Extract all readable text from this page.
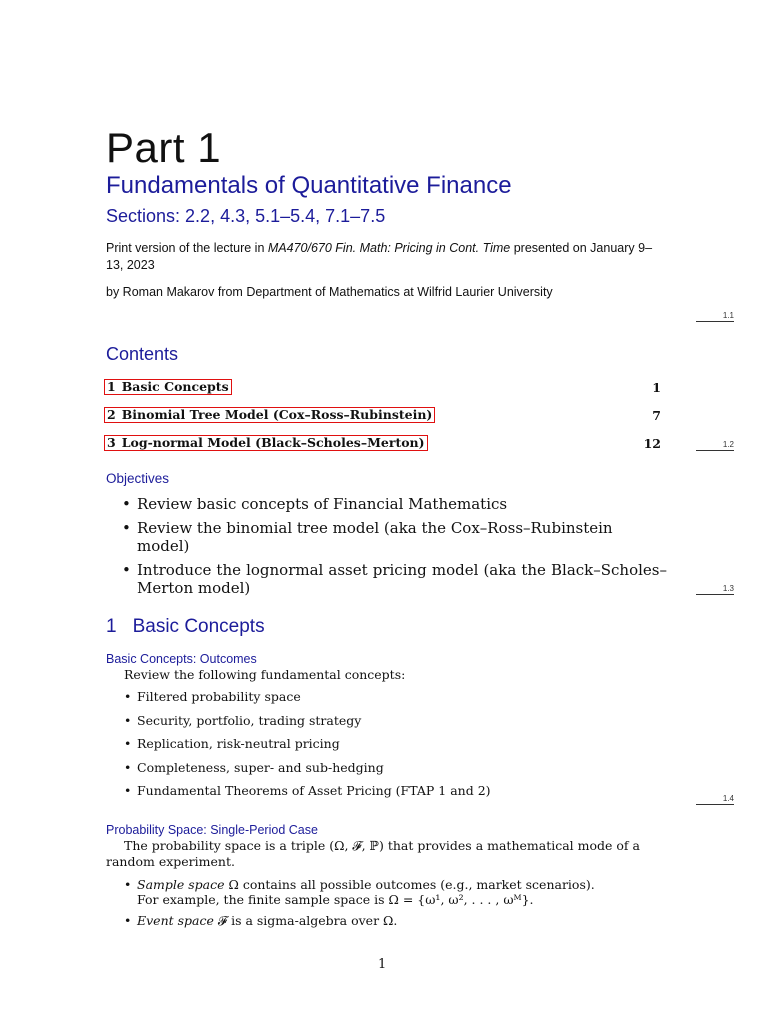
Part 1
Fundamentals of Quantitative Finance
Sections: 2.2, 4.3, 5.1–5.4, 7.1–7.5
Print version of the lecture in MA470/670 Fin. Math: Pricing in Cont. Time presented on January 9–13, 2023
by Roman Makarov from Department of Mathematics at Wilfrid Laurier University
1.1
Contents
1 Basic Concepts	1
2 Binomial Tree Model (Cox–Ross–Rubinstein)	7
3 Log-normal Model (Black–Scholes–Merton)	12	1.2
Objectives
• Review basic concepts of Financial Mathematics
• Review the binomial tree model (aka the Cox–Ross–Rubinstein model)
• Introduce the lognormal asset pricing model (aka the Black–Scholes–Merton model)	1.3
1 Basic Concepts
Basic Concepts: Outcomes
Review the following fundamental concepts:
• Filtered probability space
• Security, portfolio, trading strategy
• Replication, risk-neutral pricing
• Completeness, super- and sub-hedging
• Fundamental Theorems of Asset Pricing (FTAP 1 and 2)
1.4
Probability Space: Single-Period Case
The probability space is a triple (Ω, 𝓕, ℙ) that provides a mathematical mode of a random experiment.
• Sample space Ω contains all possible outcomes (e.g., market scenarios).
For example, the finite sample space is Ω = {ω¹, ω², . . . , ωᴹ}.
• Event space 𝓕 is a sigma-algebra over Ω.
1
